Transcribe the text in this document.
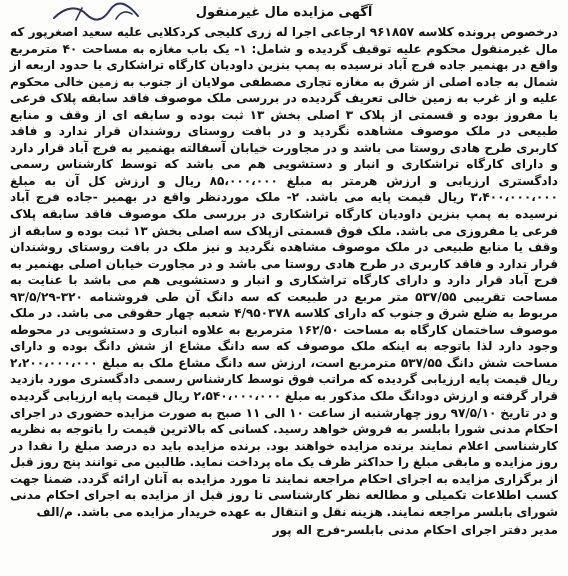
آگهی مزایده مال غیرمنقول

درخصوص پرونده کلاسه ۹۶۱۸۵۷ ارجاعی اجرا له زری کلیجی کردکلایی علیه سعید اصغرپور که مال غیرمنقول محکوم علیه توقیف گردیده و شامل: ۱- یک باب مغازه به مساحت ۴۰ مترمربع واقع در بهنمیر جاده فرج آباد نرسیده به پمپ بنزین داودیان کارگاه تراشکاری با حدود اربعه از شمال به جاده اصلی از شرق به مغازه تجاری مصطفی مولایان از جنوب به زمین خالی محکوم علیه و از غرب به زمین خالی تعریف گردیده در بررسی ملک موصوف فاقد سابقه پلاک فرعی یا مفروز بوده و قسمتی از پلاک ۳ اصلی بخش ۱۳ ثبت بوده و سابقه ای از وقف و منابع طبیعی در ملک موصوف مشاهده نگردید و در بافت روستای روشندان قرار ندارد و فاقد کاربری طرح هادی روستا می باشد و در مجاورت خیابان آسفالته بهنمیر به فرج آباد قرار دارد و دارای کارگاه تراشکاری و انبار و دستشویی هم می باشد که توسط کارشناس رسمی دادگستری ارزیابی و ارزش هرمتر به مبلغ ۸۵،۰۰۰،۰۰۰ ریال و ارزش کل آن به مبلغ ۳،۴۰۰،۰۰۰،۰۰۰ ریال قیمت پایه می باشد. ۲- ملک موردنظر واقع در بهمیر -جاده فرج آباد نرسیده به پمپ بنزین داودیان کارگاه تراشکاری در بررسی ملک موصوف فاقد سابقه پلاک فرعی یا مفروزی می باشد. ملک فوق قسمتی ازپلاک سه اصلی بخش ۱۳ ثبت بوده و سابقه از وقف یا منابع طبیعی در ملک موصوف مشاهده نگردید و نیز ملک در بافت روستای روشندان قرار ندارد و فاقد کاربری در طرح هادی روستا می باشد و در مجاورت خیابان اصلی بهنمیر به فرج آباد قرار دارد و دارای کارگاه تراشکاری و انبار و دستشویی هم می باشد با عنایت به مساحت تقریبی ۵۳۷/۵۵ متر مربع در طبیعت که سه دانگ آن طی فروشنامه ۳۲۰-۹۳/۵/۲۹ مربوط به ضلع شرق و جنوب که دارای کلاسه ۴/۹۵۰۳۷۸ شعبه چهار حقوقی می باشد. در ملک موصوف ساختمان کارگاه به مساحت ۱۶۲/۵۰ مترمربع به علاوه انباری و دستشویی در محوطه وجود دارد لذا باتوجه به اینکه ملک موصوف که سه دانگ مشاع از شش دانگ بوده و دارای مساحت شش دانگ ۵۳۷/۵۵ مترمربع است، ارزش سه دانگ مشاع ملک به مبلغ ۲،۲۰۰،۰۰۰،۰۰۰ ریال قیمت پایه ارزیابی گردیده که مراتب فوق توسط کارشناس رسمی دادگستری مورد بازدید قرار گرفته و ارزش دودانگ ملک مذکور به مبلغ ۲،۵۴۰،۰۰۰،۰۰۰ ریال قیمت پایه ارزیابی گردیده و در تاریخ ۹۷/۵/۱۰ روز چهارشنبه از ساعت ۱۰ الی ۱۱ صبح به صورت مزایده حضوری در اجرای احکام مدنی شورا بابلسر به فروش خواهد رسید. کسانی که بالاترین قیمت را باتوجه به نظریه کارشناسی اعلام نمایند برنده مزایده خواهند بود. برنده مزایده باید ده درصد مبلغ را نقدا در روز مزایده و مابقی مبلغ را حداکثر ظرف یک ماه پرداخت نماید. طالبین می توانند پنج روز قبل از برگزاری مزایده به اجرای احکام مراجعه نمایند تا مورد مزایده به آنان ارائه گردد. ضمنا جهت کسب اطلاعات تکمیلی و مطالعه نظر کارشناسی تا روز قبل از مزایده به اجرای احکام مدنی شورای بابلسر مراجعه نمایند. هزینه نقل و انتقال به عهده خریدار مزایده می باشد. م/الف

مدیر دفتر اجرای احکام مدنی بابلسر-فرج اله پور
